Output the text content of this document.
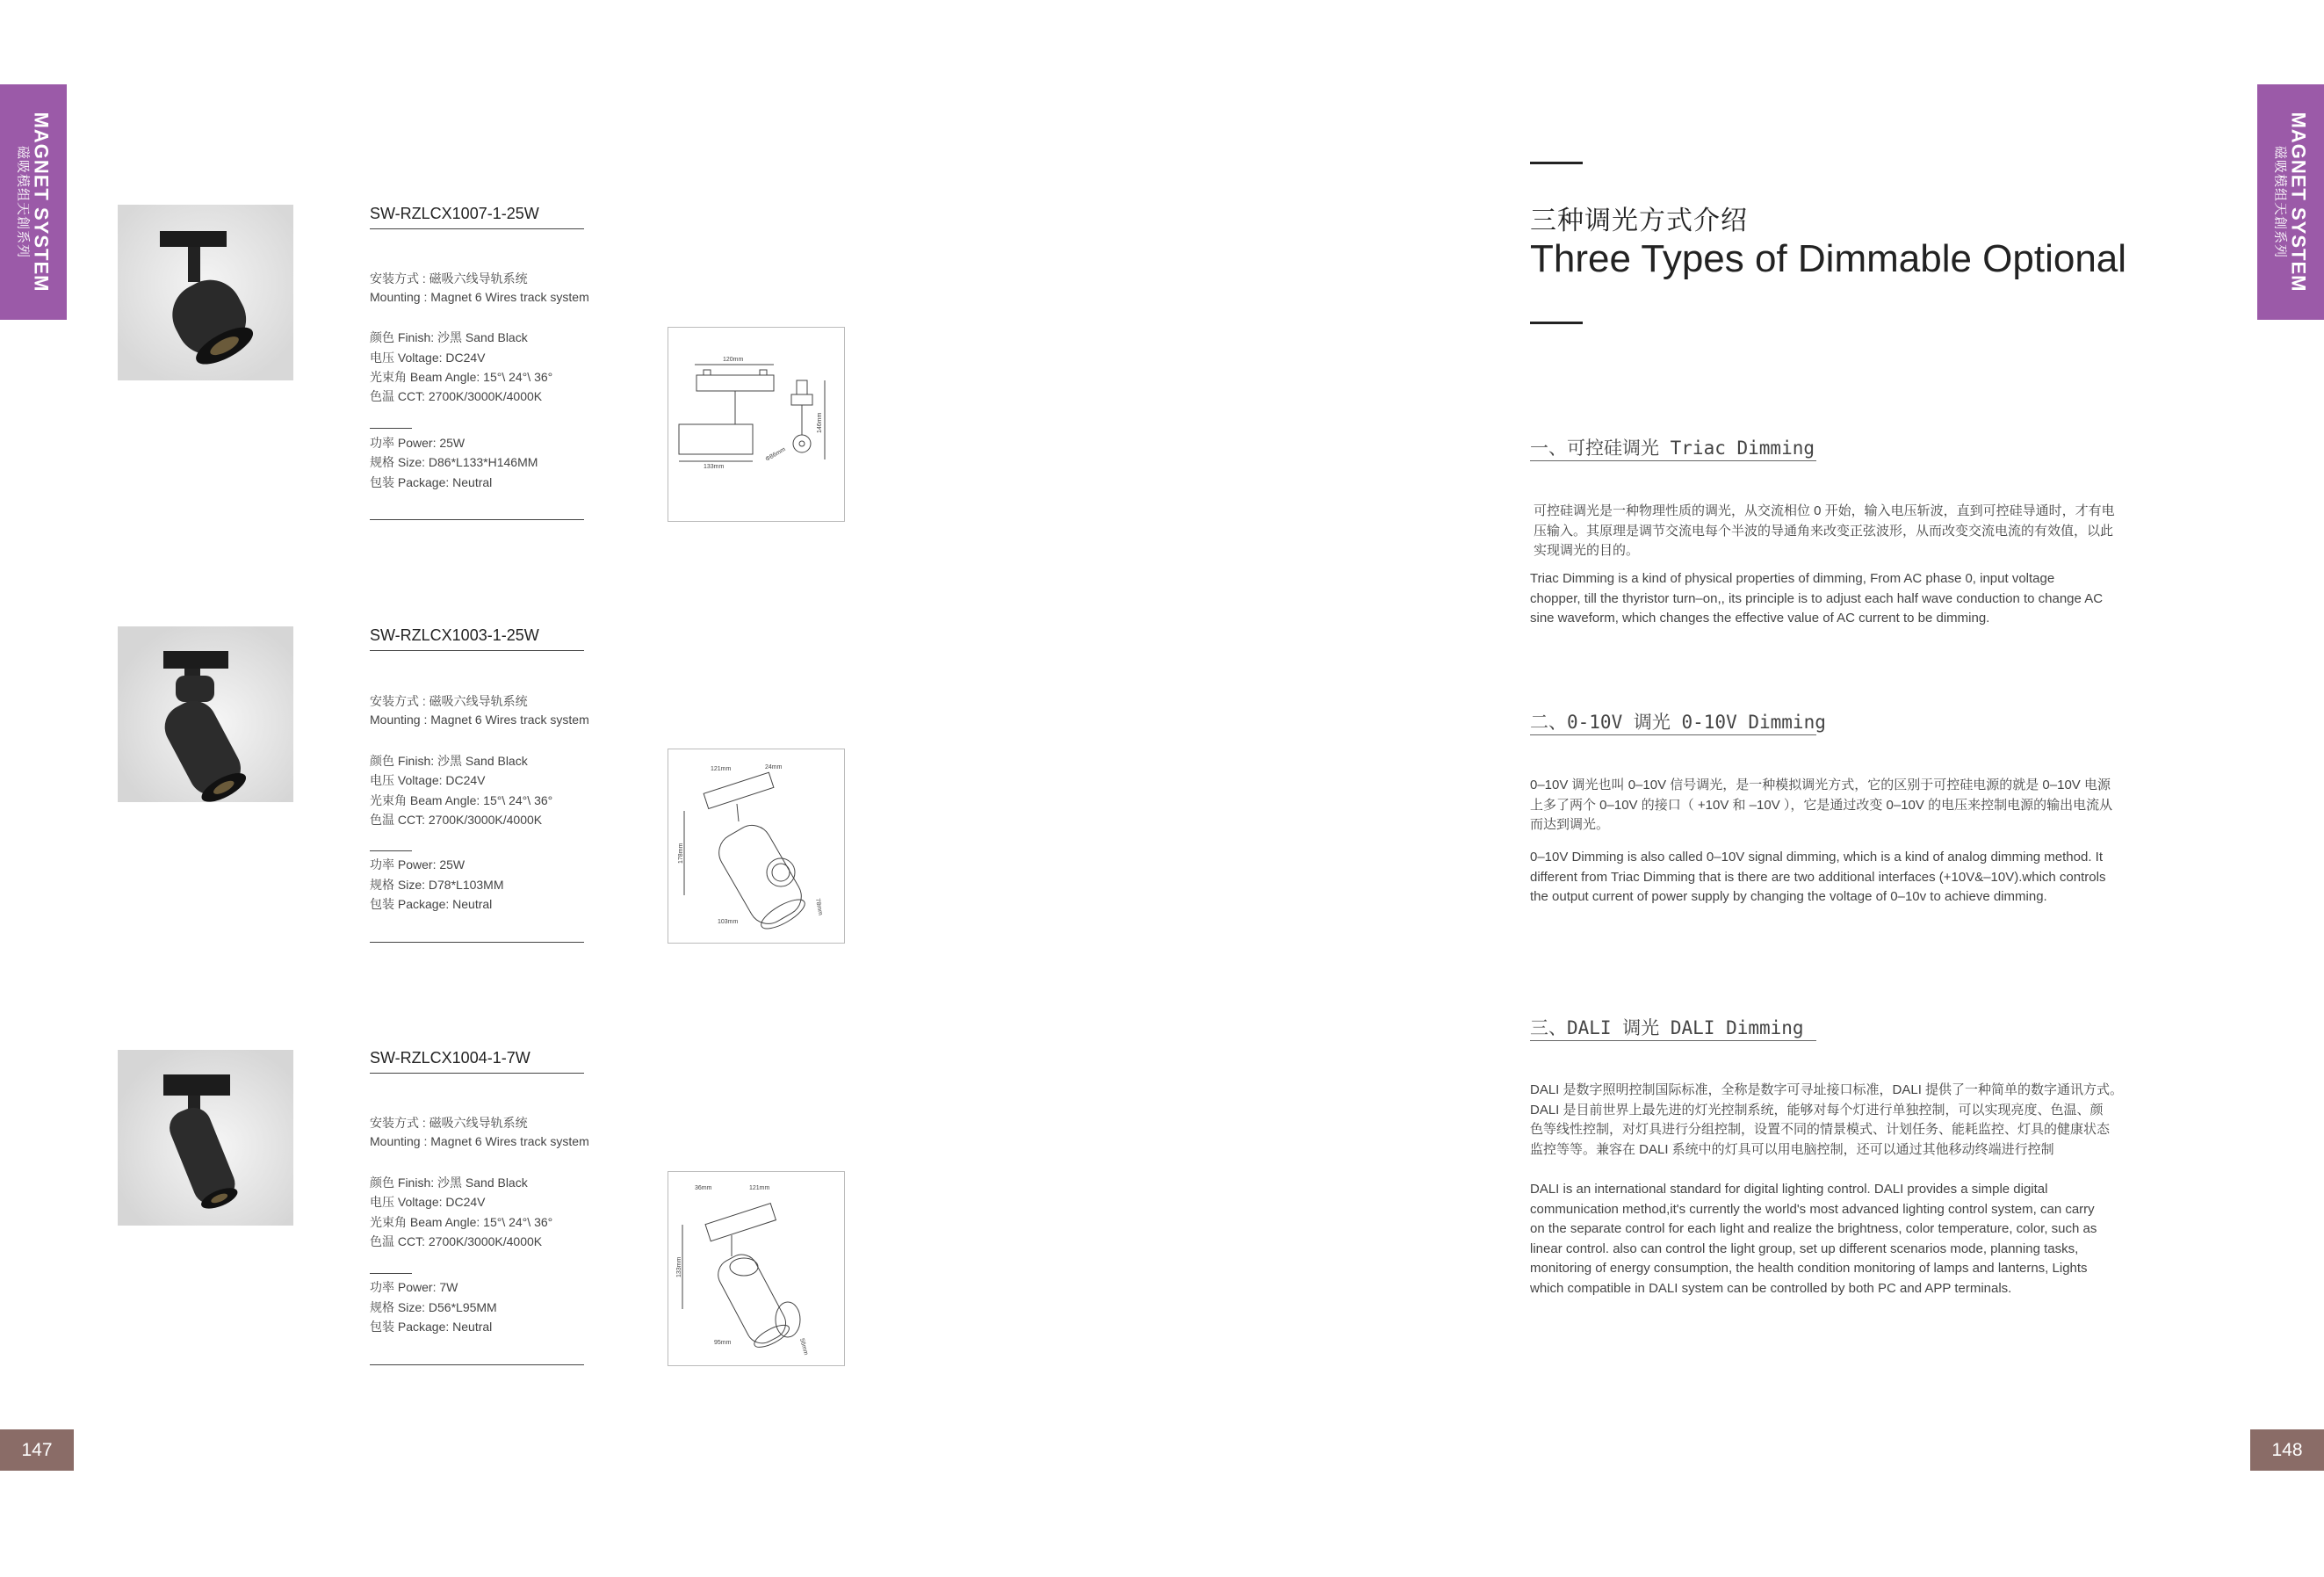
MAGNET SYSTEM
磁吸模组天創系列	MAGNET SYSTEM
磁吸模组天創系列
147	148
SW-RZLCX1007-1-25W
安装方式 : 磁吸六线导轨系统
Mounting : Magnet 6 Wires track system
颜色 Finish: 沙黑 Sand Black
电压 Voltage: DC24V
光束角 Beam Angle: 15°\ 24°\ 36°
色温 CCT: 2700K/3000K/4000K
功率 Power: 25W
规格 Size: D86*L133*H146MM
包装 Package: Neutral
120mm
133mm
146mm
Φ86mm
SW-RZLCX1003-1-25W
安装方式 : 磁吸六线导轨系统
Mounting : Magnet 6 Wires track system
颜色 Finish: 沙黑 Sand Black
电压 Voltage: DC24V
光束角 Beam Angle: 15°\ 24°\ 36°
色温 CCT: 2700K/3000K/4000K
功率 Power: 25W
规格 Size: D78*L103MM
包装 Package: Neutral
121mm	24mm
178mm
103mm
78mm
SW-RZLCX1004-1-7W
安装方式 : 磁吸六线导轨系统
Mounting : Magnet 6 Wires track system
颜色 Finish: 沙黑 Sand Black
电压 Voltage: DC24V
光束角 Beam Angle: 15°\ 24°\ 36°
色温 CCT: 2700K/3000K/4000K
功率 Power: 7W
规格 Size: D56*L95MM
包装 Package: Neutral
36mm	121mm
133mm
95mm	56mm
三种调光方式介绍
Three Types of Dimmable Optional
一、可控硅调光 Triac Dimming
可控硅调光是一种物理性质的调光，从交流相位 0 开始，输入电压斩波，直到可控硅导通时，才有电
压输入。其原理是调节交流电每个半波的导通角来改变正弦波形，从而改变交流电流的有效值，以此
实现调光的目的。
Triac Dimming is a kind of physical properties of dimming, From AC phase 0, input voltage
chopper, till the thyristor turn–on,, its principle is to adjust each half wave conduction to change AC
sine waveform, which changes the effective value of AC current to be dimming.
二、0-10V 调光 0-10V Dimming
0–10V 调光也叫 0–10V 信号调光，是一种模拟调光方式，它的区别于可控硅电源的就是 0–10V 电源
上多了两个 0–10V 的接口（ +10V 和 –10V ），它是通过改变 0–10V 的电压来控制电源的输出电流从
而达到调光。
0–10V Dimming is also called 0–10V signal dimming, which is a kind of analog dimming method. It
different from Triac Dimming that is there are two additional interfaces (+10V&–10V).which controls
the output current of power supply by changing the voltage of 0–10v to achieve dimming.
三、DALI 调光 DALI Dimming
DALI 是数字照明控制国际标准，全称是数字可寻址接口标准，DALI 提供了一种简单的数字通讯方式。
DALI 是目前世界上最先进的灯光控制系统，能够对每个灯进行单独控制，可以实现亮度、色温、颜
色等线性控制，对灯具进行分组控制，设置不同的情景模式、计划任务、能耗监控、灯具的健康状态
监控等等。兼容在 DALI 系统中的灯具可以用电脑控制，还可以通过其他移动终端进行控制
DALI is an international standard for digital lighting control. DALI provides a simple digital
communication method,it's currently the world's most advanced lighting control system, can carry
on the separate control for each light and realize the brightness, color temperature, color, such as
linear control. also can control the light group, set up different scenarios mode, planning tasks,
monitoring of energy consumption, the health condition monitoring of lamps and lanterns, Lights
which compatible in DALI system can be controlled by both PC and APP terminals.
